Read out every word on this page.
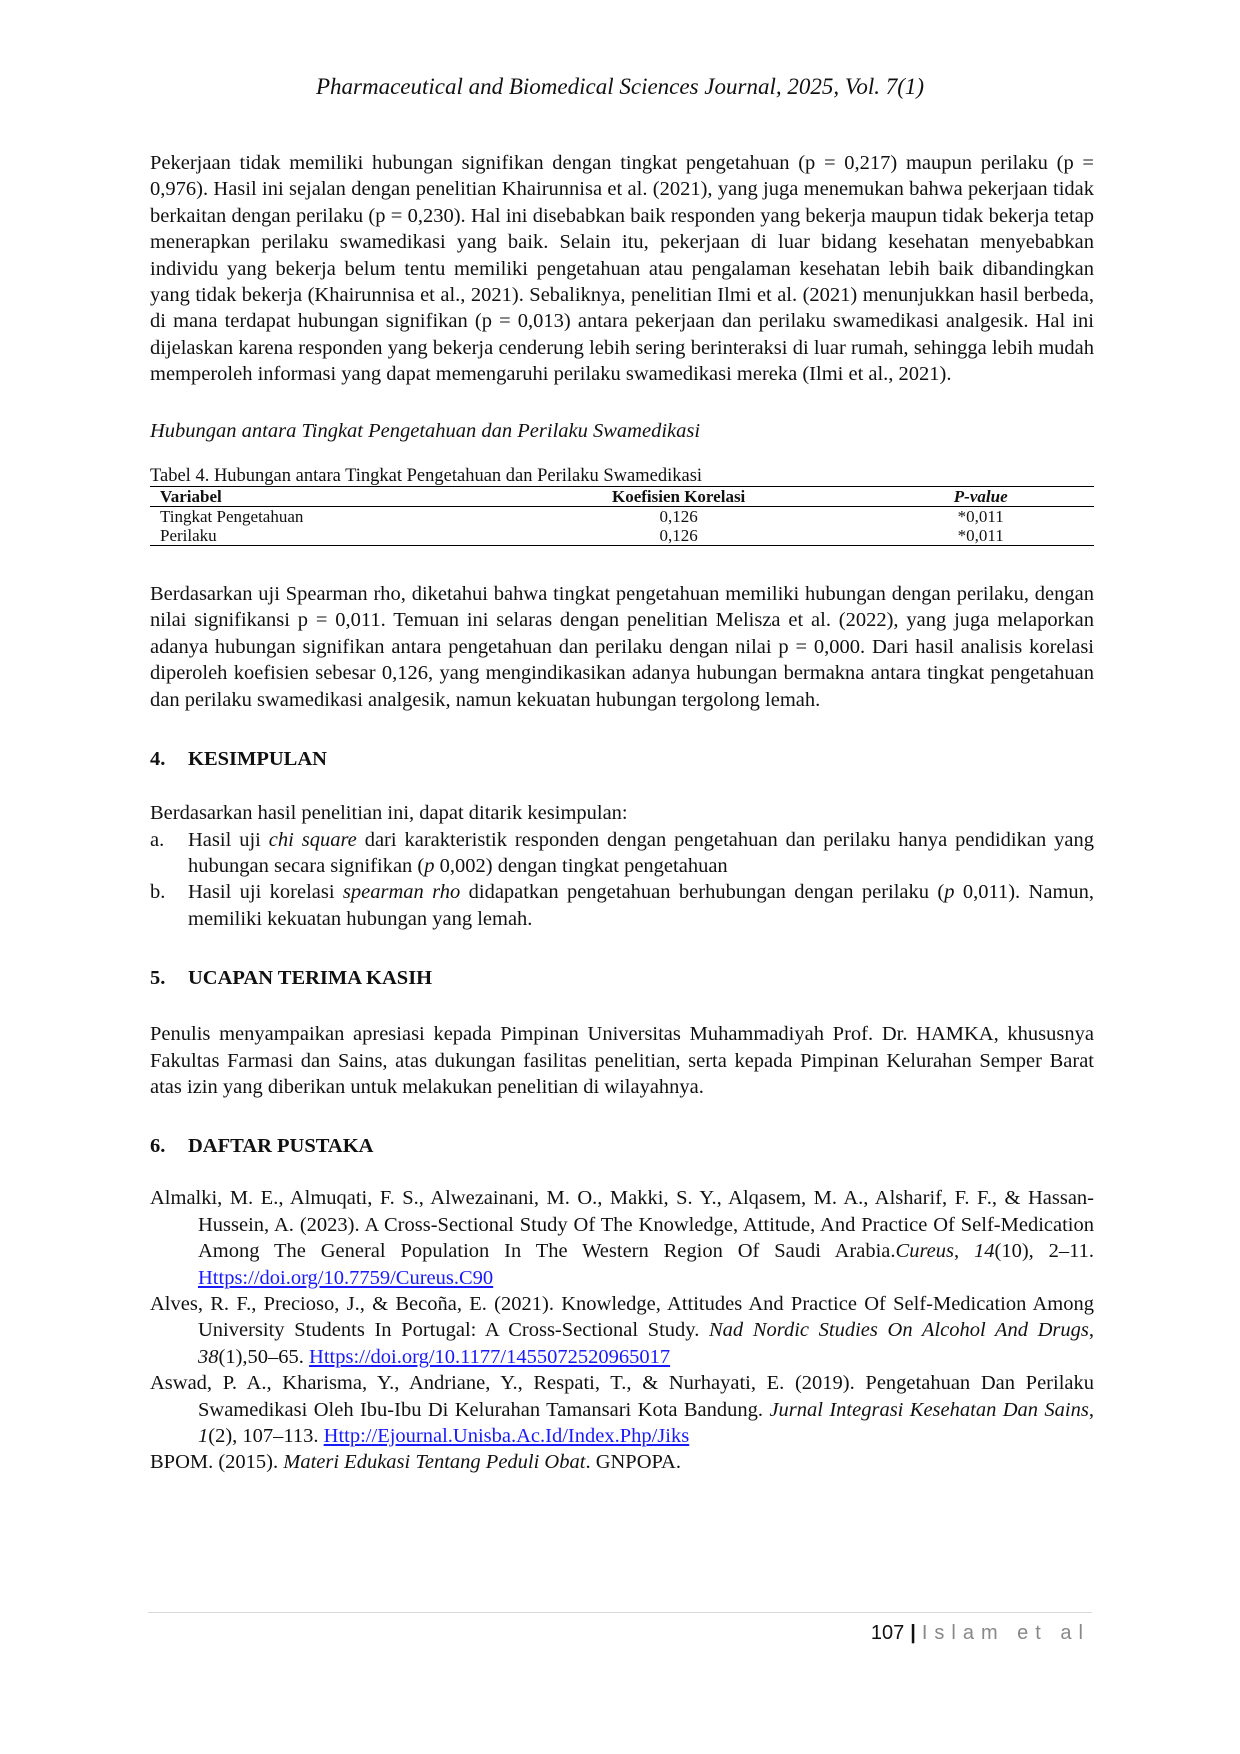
Pharmaceutical and Biomedical Sciences Journal, 2025, Vol. 7(1)

Pekerjaan tidak memiliki hubungan signifikan dengan tingkat pengetahuan (p = 0,217) maupun perilaku (p = 0,976). Hasil ini sejalan dengan penelitian Khairunnisa et al. (2021), yang juga menemukan bahwa pekerjaan tidak berkaitan dengan perilaku (p = 0,230). Hal ini disebabkan baik responden yang bekerja maupun tidak bekerja tetap menerapkan perilaku swamedikasi yang baik. Selain itu, pekerjaan di luar bidang kesehatan menyebabkan individu yang bekerja belum tentu memiliki pengetahuan atau pengalaman kesehatan lebih baik dibandingkan yang tidak bekerja (Khairunnisa et al., 2021). Sebaliknya, penelitian Ilmi et al. (2021) menunjukkan hasil berbeda, di mana terdapat hubungan signifikan (p = 0,013) antara pekerjaan dan perilaku swamedikasi analgesik. Hal ini dijelaskan karena responden yang bekerja cenderung lebih sering berinteraksi di luar rumah, sehingga lebih mudah memperoleh informasi yang dapat memengaruhi perilaku swamedikasi mereka (Ilmi et al., 2021).

Hubungan antara Tingkat Pengetahuan dan Perilaku Swamedikasi

Tabel 4. Hubungan antara Tingkat Pengetahuan dan Perilaku Swamedikasi
Variabel	Koefisien Korelasi	P-value
Tingkat Pengetahuan	0,126	*0,011
Perilaku	0,126	*0,011

Berdasarkan uji Spearman rho, diketahui bahwa tingkat pengetahuan memiliki hubungan dengan perilaku, dengan nilai signifikansi p = 0,011. Temuan ini selaras dengan penelitian Melisza et al. (2022), yang juga melaporkan adanya hubungan signifikan antara pengetahuan dan perilaku dengan nilai p = 0,000. Dari hasil analisis korelasi diperoleh koefisien sebesar 0,126, yang mengindikasikan adanya hubungan bermakna antara tingkat pengetahuan dan perilaku swamedikasi analgesik, namun kekuatan hubungan tergolong lemah.

4.	KESIMPULAN

Berdasarkan hasil penelitian ini, dapat ditarik kesimpulan:

a.	Hasil uji chi square dari karakteristik responden dengan pengetahuan dan perilaku hanya pendidikan yang hubungan secara signifikan (p 0,002) dengan tingkat pengetahuan
b.	Hasil uji korelasi spearman rho didapatkan pengetahuan berhubungan dengan perilaku (p 0,011). Namun, memiliki kekuatan hubungan yang lemah.
5.	UCAPAN TERIMA KASIH

Penulis menyampaikan apresiasi kepada Pimpinan Universitas Muhammadiyah Prof. Dr. HAMKA, khususnya Fakultas Farmasi dan Sains, atas dukungan fasilitas penelitian, serta kepada Pimpinan Kelurahan Semper Barat atas izin yang diberikan untuk melakukan penelitian di wilayahnya.

6.	DAFTAR PUSTAKA
Almalki, M. E., Almuqati, F. S., Alwezainani, M. O., Makki, S. Y., Alqasem, M. A., Alsharif, F. F., & Hassan-Hussein, A. (2023). A Cross-Sectional Study Of The Knowledge, Attitude, And Practice Of Self-Medication Among The General Population In The Western Region Of Saudi Arabia.Cureus, 14(10), 2–11. Https://doi.org/10.7759/Cureus.C90
Alves, R. F., Precioso, J., & Becoña, E. (2021). Knowledge, Attitudes And Practice Of Self-Medication Among University Students In Portugal: A Cross-Sectional Study. Nad Nordic Studies On Alcohol And Drugs, 38(1),50–65. Https://doi.org/10.1177/1455072520965017
Aswad, P. A., Kharisma, Y., Andriane, Y., Respati, T., & Nurhayati, E. (2019). Pengetahuan Dan Perilaku Swamedikasi Oleh Ibu-Ibu Di Kelurahan Tamansari Kota Bandung. Jurnal Integrasi Kesehatan Dan Sains, 1(2), 107–113. Http://Ejournal.Unisba.Ac.Id/Index.Php/Jiks
BPOM. (2015). Materi Edukasi Tentang Peduli Obat. GNPOPA.
107 | Islam et al
